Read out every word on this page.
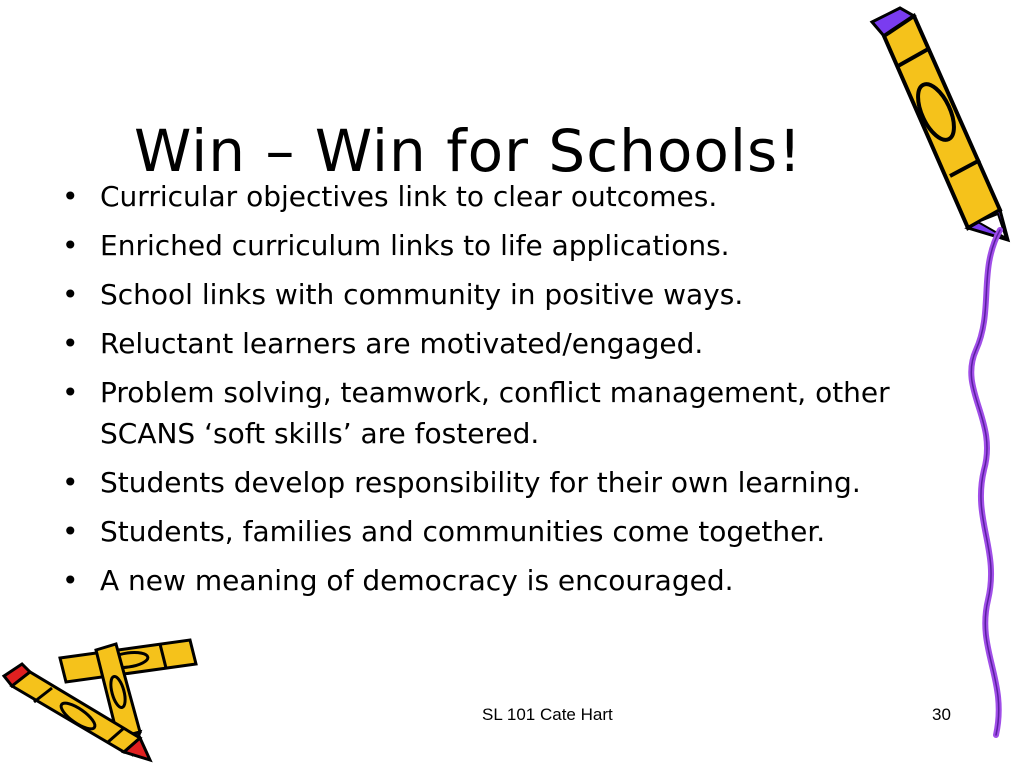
Win – Win for Schools!
• Curricular objectives link to clear outcomes.
• Enriched curriculum links to life applications.
• School links with community in positive ways.
• Reluctant learners are motivated/engaged.
• Problem solving, teamwork, conflict management, other SCANS ‘soft skills’ are fostered.
• Students develop responsibility for their own learning.
• Students, families and communities come together.
• A new meaning of democracy is encouraged.
SL 101 Cate Hart	30
